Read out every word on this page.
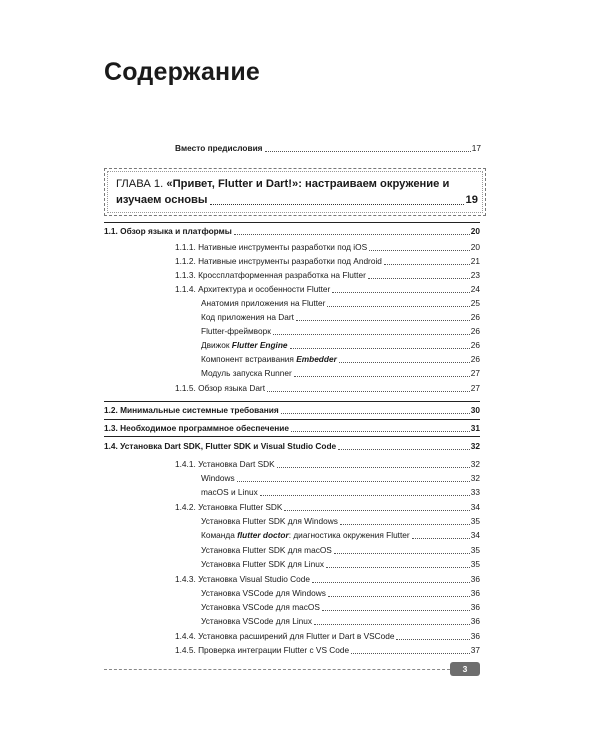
Содержание
Вместо предисловия	17
ГЛАВА 1. «Привет, Flutter и Dart!»: настраиваем окружение и
изучаем основы	19
1.1. Обзор языка и платформы	20
1.1.1. Нативные инструменты разработки под iOS	20
1.1.2. Нативные инструменты разработки под Android	21
1.1.3. Кроссплатформенная разработка на Flutter	23
1.1.4. Архитектура и особенности Flutter	24
Анатомия приложения на Flutter	25
Код приложения на Dart	26
Flutter-фреймворк	26
Движок Flutter Engine	26
Компонент встраивания Embedder	26
Модуль запуска Runner	27
1.1.5. Обзор языка Dart	27
1.2. Минимальные системные требования	30
1.3. Необходимое программное обеспечение	31
1.4. Установка Dart SDK, Flutter SDK и Visual Studio Code	32
1.4.1. Установка Dart SDK	32
Windows	32
macOS и Linux	33
1.4.2. Установка Flutter SDK	34
Установка Flutter SDK для Windows	35
Команда flutter doctor: диагностика окружения Flutter	34
Установка Flutter SDK для macOS	35
Установка Flutter SDK для Linux	35
1.4.3. Установка Visual Studio Code	36
Установка VSCode для Windows	36
Установка VSCode для macOS	36
Установка VSCode для Linux	36
1.4.4. Установка расширений для Flutter и Dart в VSCode	36
1.4.5. Проверка интеграции Flutter с VS Code	37
3
